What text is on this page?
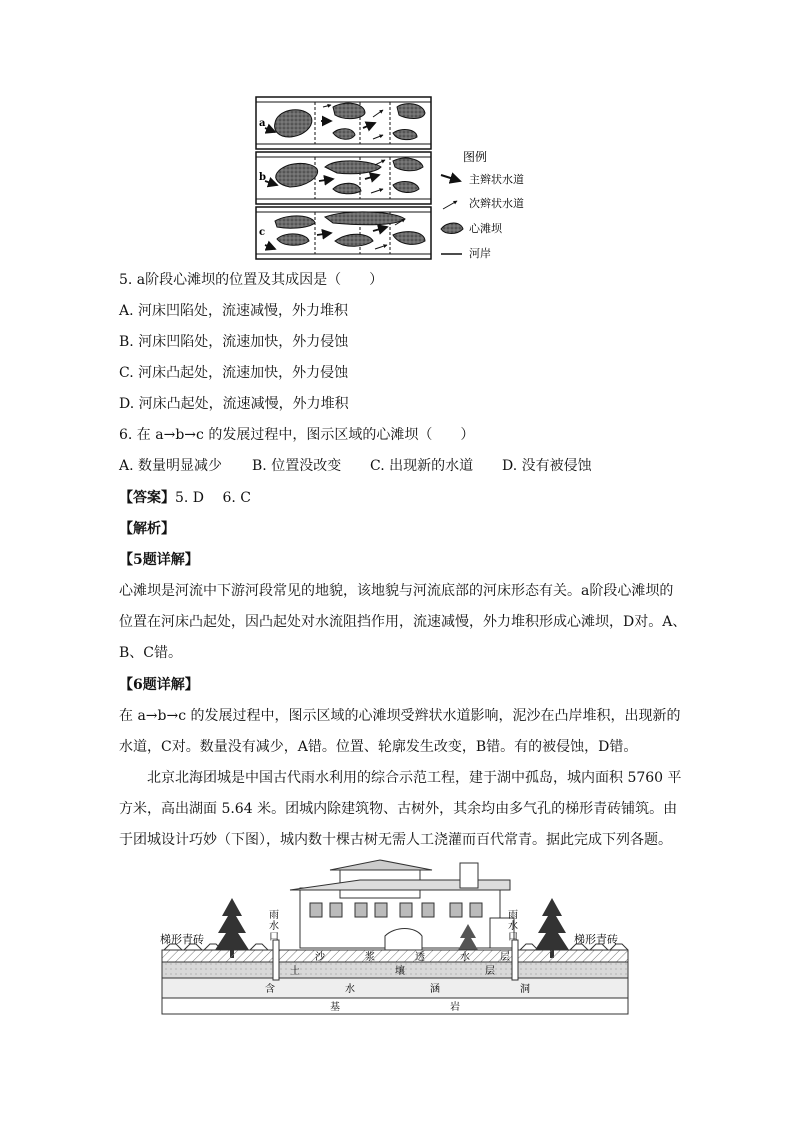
a
b
c
图例
主辫状水道
次辫状水道
心滩坝
河岸
5. a阶段心滩坝的位置及其成因是（　　）
A. 河床凹陷处，流速减慢，外力堆积
B. 河床凹陷处，流速加快，外力侵蚀
C. 河床凸起处，流速加快，外力侵蚀
D. 河床凸起处，流速减慢，外力堆积
6. 在 a→b→c 的发展过程中，图示区域的心滩坝（　　）
A. 数量明显减少 B. 位置没改变 C. 出现新的水道 D. 没有被侵蚀
【答案】5. D　 6. C
【解析】
【5题详解】
心滩坝是河流中下游河段常见的地貌，该地貌与河流底部的河床形态有关。a阶段心滩坝的
位置在河床凸起处，因凸起处对水流阻挡作用，流速减慢，外力堆积形成心滩坝，D对。A、
B、C错。
【6题详解】
在 a→b→c 的发展过程中，图示区域的心滩坝受辫状水道影响，泥沙在凸岸堆积，出现新的
水道，C对。数量没有减少，A错。位置、轮廓发生改变，B错。有的被侵蚀，D错。
北京北海团城是中国古代雨水利用的综合示范工程，建于湖中孤岛，城内面积 5760 平
方米，高出湖面 5.64 米。团城内除建筑物、古树外，其余均由多气孔的梯形青砖铺筑。由
于团城设计巧妙（下图），城内数十棵古树无需人工浇灌而百代常青。据此完成下列各题。
梯形青砖	梯形青砖
雨
水
口
雨
水
口
沙	浆	透	水	层
土	壤	层
含	水	涵	洞
基	岩
